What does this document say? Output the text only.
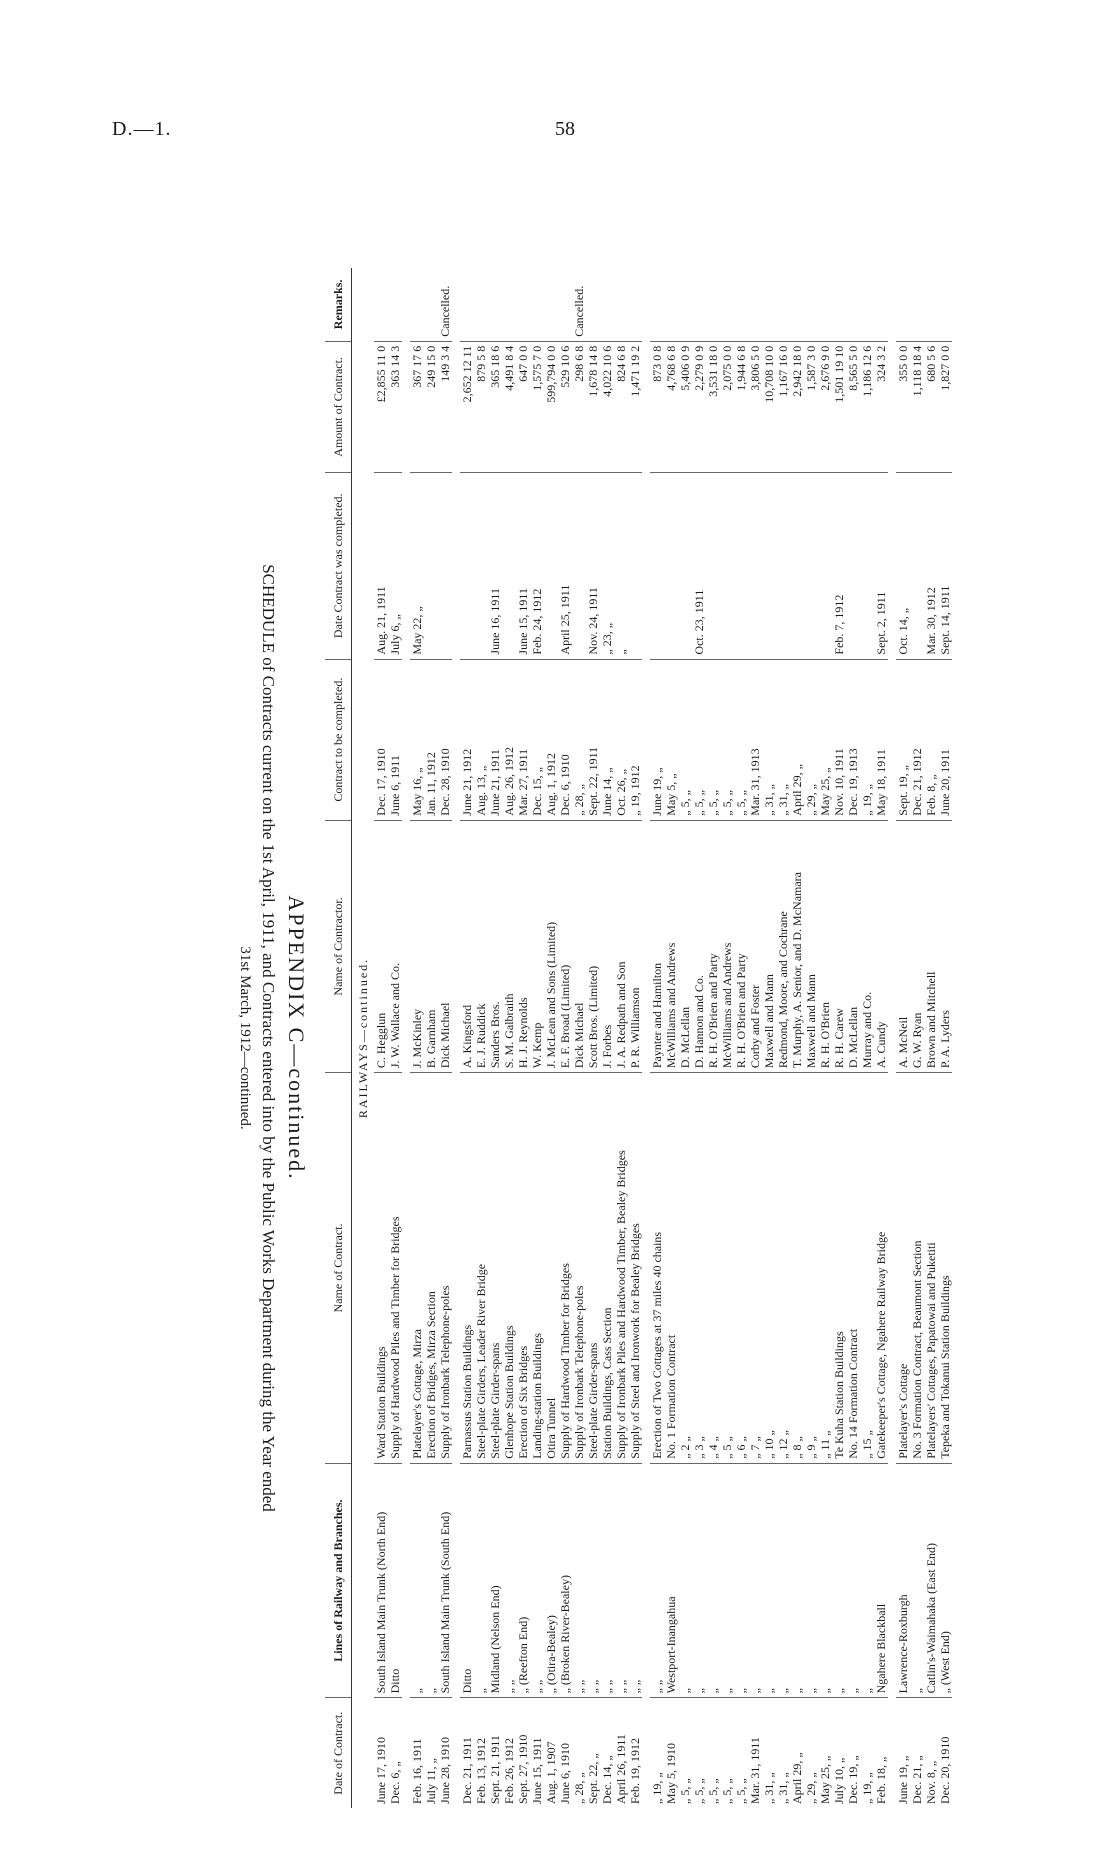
D.—1.	58
APPENDIX C—continued.
SCHEDULE of Contracts current on the 1st April, 1911, and Contracts entered into by the Public Works Department during the Year ended
31st March, 1912—continued.
Date of Contract.	Lines of Railway and Branches.	Name of Contract.	Name of Contractor.	Contract to be completed.	Date Contract was completed.	Amount of Contract.	Remarks.
RAILWAYS—continued.							
June 17, 1910	South Island Main Trunk (North End)	Ward Station Buildings	C. Hegglun	Dec. 17, 1910	Aug. 21, 1911	£2,855 11 0	
Dec. 6, „	Ditto	Supply of Hardwood Piles and Timber for Bridges	J. W. Wallace and Co.	June 6, 1911	July 6, „	363 14 3	

Feb. 16, 1911	„	Platelayer's Cottage, Mirza	J. McKinley	May 16, „	May 22, „	367 17 6	
July 11, „	„	Erection of Bridges, Mirza Section	B. Garnham	Jan. 11, 1912		249 15 0	
June 28, 1910	South Island Main Trunk (South End)	Supply of Ironbark Telephone-poles	Dick Michael	Dec. 28, 1910		149 3 4	Cancelled.

Dec. 21, 1911	Ditto	Parnassus Station Buildings	A. Kingsford	June 21, 1912		2,652 12 11	
Feb. 13, 1912	„	Steel-plate Girders, Leader River Bridge	E. J. Ruddick	Aug. 13, „		879 5 8	
Sept. 21, 1911	Midland (Nelson End)	Steel-plate Girder-spans	Sanders Bros.	June 21, 1911	June 16, 1911	365 18 6	
Feb. 26, 1912	„ „	Glenhope Station Buildings	S. M. Galbraith	Aug. 26, 1912		4,491 8 4	
Sept. 27, 1910	„ (Reefton End)	Erection of Six Bridges	H. J. Reynolds	Mar. 27, 1911	June 15, 1911	647 0 0	
June 15, 1911	„ „	Landing-station Buildings	W. Kemp	Dec. 15, „	Feb. 24, 1912	1,575 7 0	
Aug. 1, 1907	„ (Otira-Bealey)	Otira Tunnel	J. McLean and Sons (Limited)	Aug. 1, 1912		599,794 0 0	
June 6, 1910	„ (Broken River-Bealey)	Supply of Hardwood Timber for Bridges	E. F. Broad (Limited)	Dec. 6, 1910	April 25, 1911	529 10 6	
„ 28, „	„ „	Supply of Ironbark Telephone-poles	Dick Michael	„ 28, „		298 6 8	Cancelled.
Sept. 22, „	„ „	Steel-plate Girder-spans	Scott Bros. (Limited)	Sept. 22, 1911	Nov. 24, 1911	1,678 14 8	
Dec. 14, „	„ „	Station Buildings, Cass Section	J. Forbes	June 14, „	„ 23, „	4,022 10 6	
April 26, 1911	„ „	Supply of Ironbark Piles and Hardwood Timber, Bealey Bridges	J. A. Redpath and Son	Oct. 26, „	„	824 6 8	
Feb. 19, 1912	„ „	Supply of Steel and Ironwork for Bealey Bridges	P. R. Williamson	„ 19, 1912		1,471 19 2	

„ 19, „	„ „	Erection of Two Cottages at 37 miles 40 chains	Paynter and Hamilton	June 19, „		873 0 8	
May 5, 1910	Westport-Inangahua	No. 1 Formation Contract	McWilliams and Andrews	May 5, „		4,768 6 8	
„ 5, „	„	„ 2 „	D. McLellan	„ 5, „		5,406 0 9	
„ 5, „	„	„ 3 „	D. Hannon and Co.	„ 5, „	Oct. 23, 1911	2,279 0 9	
„ 5, „	„	„ 4 „	R. H. O'Brien and Party	„ 5, „		3,531 18 0	
„ 5, „	„	„ 5 „	McWilliams and Andrews	„ 5, „		2,075 0 0	
„ 5, „	„	„ 6 „	R. H. O'Brien and Party	„ 5, „		1,944 6 8	
Mar. 31, 1911	„	„ 7 „	Corby and Foster	Mar. 31, 1913		3,806 5 0	
„ 31, „	„	„ 10 „	Maxwell and Mann	„ 31, „		10,708 10 0	
„ 31, „	„	„ 12 „	Redmond, Moore, and Cochrane	„ 31, „		1,167 16 0	
April 29, „	„	„ 8 „	T. Murphy, A. Senior, and D. McNamara	April 29, „		2,942 18 0	
„ 29, „	„	„ 9 „	Maxwell and Mann	„ 29, „		1,587 3 0	
May 25, „	„	„ 11 „	R. H. O'Brien	May 25, „		2,676 9 0	
July 10, „	„	Te Kuha Station Buildings	R. H. Carew	Nov. 10, 1911	Feb. 7, 1912	1,501 19 10	
Dec. 19, „	„	No. 14 Formation Contract	D. McLellan	Dec. 19, 1913		8,565 5 0	
„ 19, „	„	„ 15 „	Murray and Co.	„ 19, „		1,186 12 6	
Feb. 18, „	Ngahere Blackball	Gatekeeper's Cottage, Ngahere Railway Bridge	A. Cundy	May 18, 1911	Sept. 2, 1911	324 3 2	

June 19, „	Lawrence-Roxburgh	Platelayer's Cottage	A. McNeil	Sept. 19, „	Oct. 14, „	355 0 0	
Dec. 21, „	„	No. 3 Formation Contract, Beaumont Section	G. W. Ryan	Dec. 21, 1912		1,118 18 4	
Nov. 8, „	Catlin's-Waimahaka (East End)	Platelayers' Cottages, Papatowai and Puketiti	Brown and Mitchell	Feb. 8, „	Mar. 30, 1912	680 5 6	
Dec. 20, 1910	„ (West End)	Tepeka and Tokanui Station Buildings	P. A. Lyders	June 20, 1911	Sept. 14, 1911	1,827 0 0	
